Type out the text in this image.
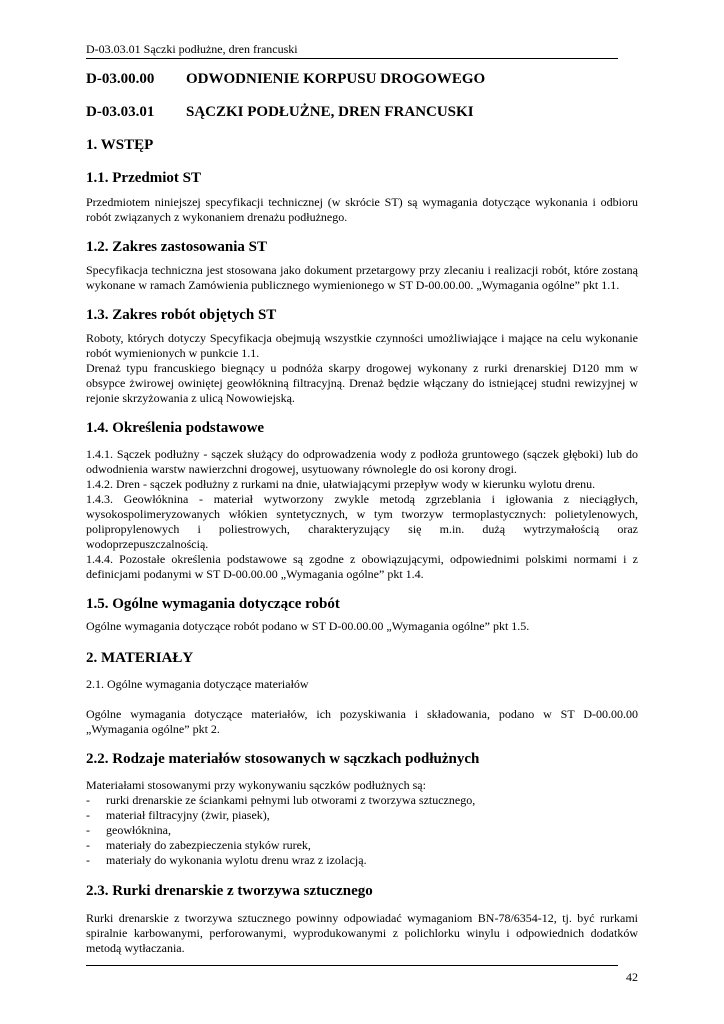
D-03.03.01 Sączki podłużne, dren francuski
D-03.00.00	ODWODNIENIE KORPUSU DROGOWEGO
D-03.03.01	SĄCZKI PODŁUŻNE, DREN FRANCUSKI
1. WSTĘP
1.1. Przedmiot ST

Przedmiotem niniejszej specyfikacji technicznej (w skrócie ST) są wymagania dotyczące wykonania i odbioru robót związanych z wykonaniem drenażu podłużnego.

1.2. Zakres zastosowania ST

Specyfikacja techniczna jest stosowana jako dokument przetargowy przy zlecaniu i realizacji robót, które zostaną wykonane w ramach Zamówienia publicznego wymienionego w ST D-00.00.00. „Wymagania ogólne” pkt 1.1.

1.3. Zakres robót objętych ST

Roboty, których dotyczy Specyfikacja obejmują wszystkie czynności umożliwiające i mające na celu wykonanie robót wymienionych w punkcie 1.1.

Drenaż typu francuskiego biegnący u podnóża skarpy drogowej wykonany z rurki drenarskiej D120 mm w obsypce żwirowej owiniętej geowłókniną filtracyjną. Drenaż będzie włączany do istniejącej studni rewizyjnej w rejonie skrzyżowania z ulicą Nowowiejską.

1.4. Określenia podstawowe

1.4.1. Sączek podłużny - sączek służący do odprowadzenia wody z podłoża gruntowego (sączek głęboki) lub do odwodnienia warstw nawierzchni drogowej, usytuowany równolegle do osi korony drogi.

1.4.2. Dren - sączek podłużny z rurkami na dnie, ułatwiającymi przepływ wody w kierunku wylotu drenu.

1.4.3. Geowłóknina - materiał wytworzony zwykle metodą zgrzeblania i igłowania z nieciągłych, wysokospolimeryzowanych włókien syntetycznych, w tym tworzyw termoplastycznych: polietylenowych, polipropylenowych i poliestrowych, charakteryzujący się m.in. dużą wytrzymałością oraz wodoprzepuszczalnością.

1.4.4. Pozostałe określenia podstawowe są zgodne z obowiązującymi, odpowiednimi polskimi normami i z definicjami podanymi w ST D-00.00.00 „Wymagania ogólne” pkt 1.4.

1.5. Ogólne wymagania dotyczące robót

Ogólne wymagania dotyczące robót podano w ST D-00.00.00 „Wymagania ogólne” pkt 1.5.

2. MATERIAŁY

2.1. Ogólne wymagania dotyczące materiałów

Ogólne wymagania dotyczące materiałów, ich pozyskiwania i składowania, podano w ST D-00.00.00 „Wymagania ogólne” pkt 2.

2.2. Rodzaje materiałów stosowanych w sączkach podłużnych

Materiałami stosowanymi przy wykonywaniu sączków podłużnych są:

-	rurki drenarskie ze ściankami pełnymi lub otworami z tworzywa sztucznego,
-	materiał filtracyjny (żwir, piasek),
-	geowłóknina,
-	materiały do zabezpieczenia styków rurek,
-	materiały do wykonania wylotu drenu wraz z izolacją.
2.3. Rurki drenarskie z tworzywa sztucznego

Rurki drenarskie z tworzywa sztucznego powinny odpowiadać wymaganiom BN-78/6354-12, tj. być rurkami spiralnie karbowanymi, perforowanymi, wyprodukowanymi z polichlorku winylu i odpowiednich dodatków metodą wytłaczania.

42
